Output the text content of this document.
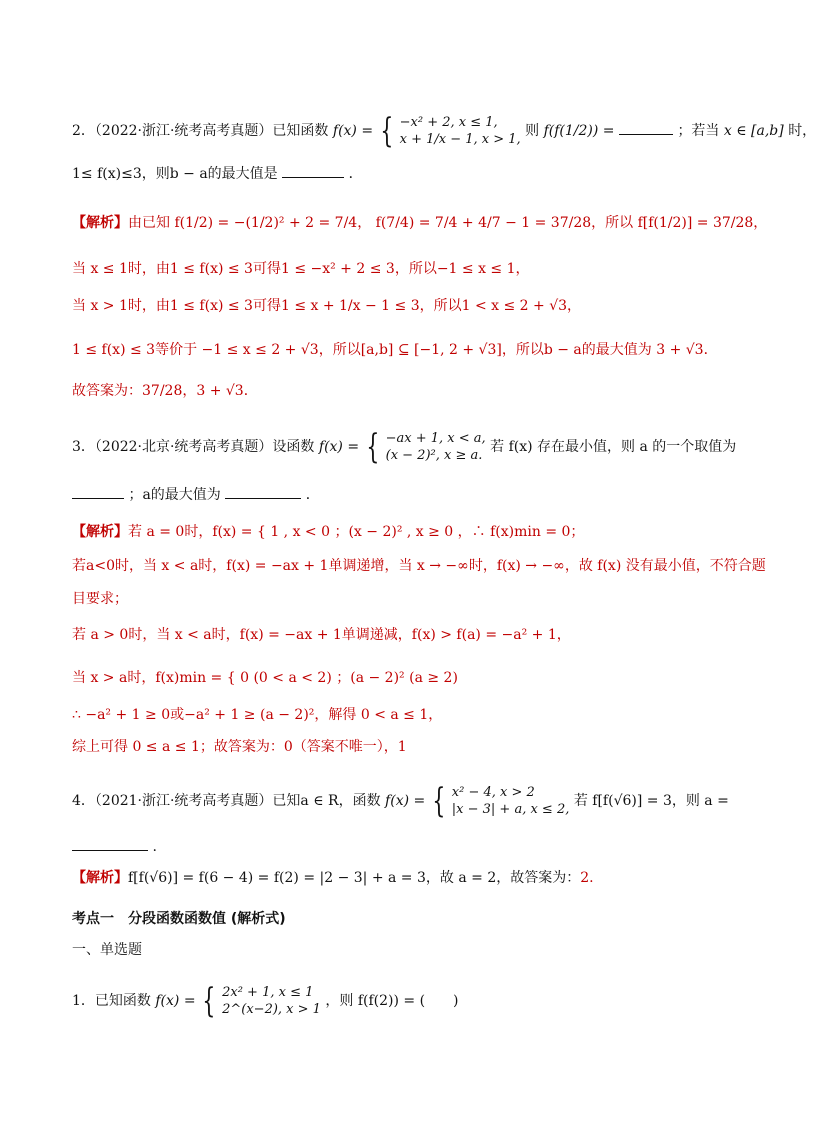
2．（2022·浙江·统考高考真题）已知函数 f(x) = { −x² + 2, x ≤ 1,
x + 1/x − 1, x > 1,
则 f(f(1/2)) =	；若当 x ∈ [a,b] 时，
1≤ f(x)≤3，则b − a的最大值是	．
【解析】由已知 f(1/2) = −(1/2)² + 2 = 7/4， f(7/4) = 7/4 + 4/7 − 1 = 37/28，所以 f[f(1/2)] = 37/28，
当 x ≤ 1时，由1 ≤ f(x) ≤ 3可得1 ≤ −x² + 2 ≤ 3，所以−1 ≤ x ≤ 1，
当 x > 1时，由1 ≤ f(x) ≤ 3可得1 ≤ x + 1/x − 1 ≤ 3，所以1 < x ≤ 2 + √3，
1 ≤ f(x) ≤ 3等价于 −1 ≤ x ≤ 2 + √3，所以[a,b] ⊆ [−1, 2 + √3]，所以b − a的最大值为 3 + √3．
故答案为：37/28，3 + √3．
3．（2022·北京·统考高考真题）设函数 f(x) = { −ax + 1, x < a,
(x − 2)², x ≥ a.
若 f(x) 存在最小值，则 a 的一个取值为
；a的最大值为	．
【解析】若 a = 0时，f(x) = { 1 , x < 0 ；(x − 2)² , x ≥ 0 ，∴ f(x)min = 0；
若a<0时，当 x < a时，f(x) = −ax + 1单调递增，当 x → −∞时，f(x) → −∞，故 f(x) 没有最小值，不符合题
目要求；
若 a > 0时，当 x < a时，f(x) = −ax + 1单调递减，f(x) > f(a) = −a² + 1，
当 x > a时，f(x)min = { 0 (0 < a < 2) ；(a − 2)² (a ≥ 2)
∴ −a² + 1 ≥ 0或−a² + 1 ≥ (a − 2)²，解得 0 < a ≤ 1，
综上可得 0 ≤ a ≤ 1；故答案为：0（答案不唯一），1
4．（2021·浙江·统考高考真题）已知a ∈ R，函数 f(x) = { x² − 4, x > 2
|x − 3| + a, x ≤ 2,
若 f[f(√6)] = 3，则 a =
.
【解析】f[f(√6)] = f(6 − 4) = f(2) = |2 − 3| + a = 3，故 a = 2，故答案为：2.
考点一　分段函数函数值 (解析式)
一、单选题
1．已知函数 f(x) = { 2x² + 1, x ≤ 1
2^(x−2), x > 1
，则 f(f(2)) = (　　)
